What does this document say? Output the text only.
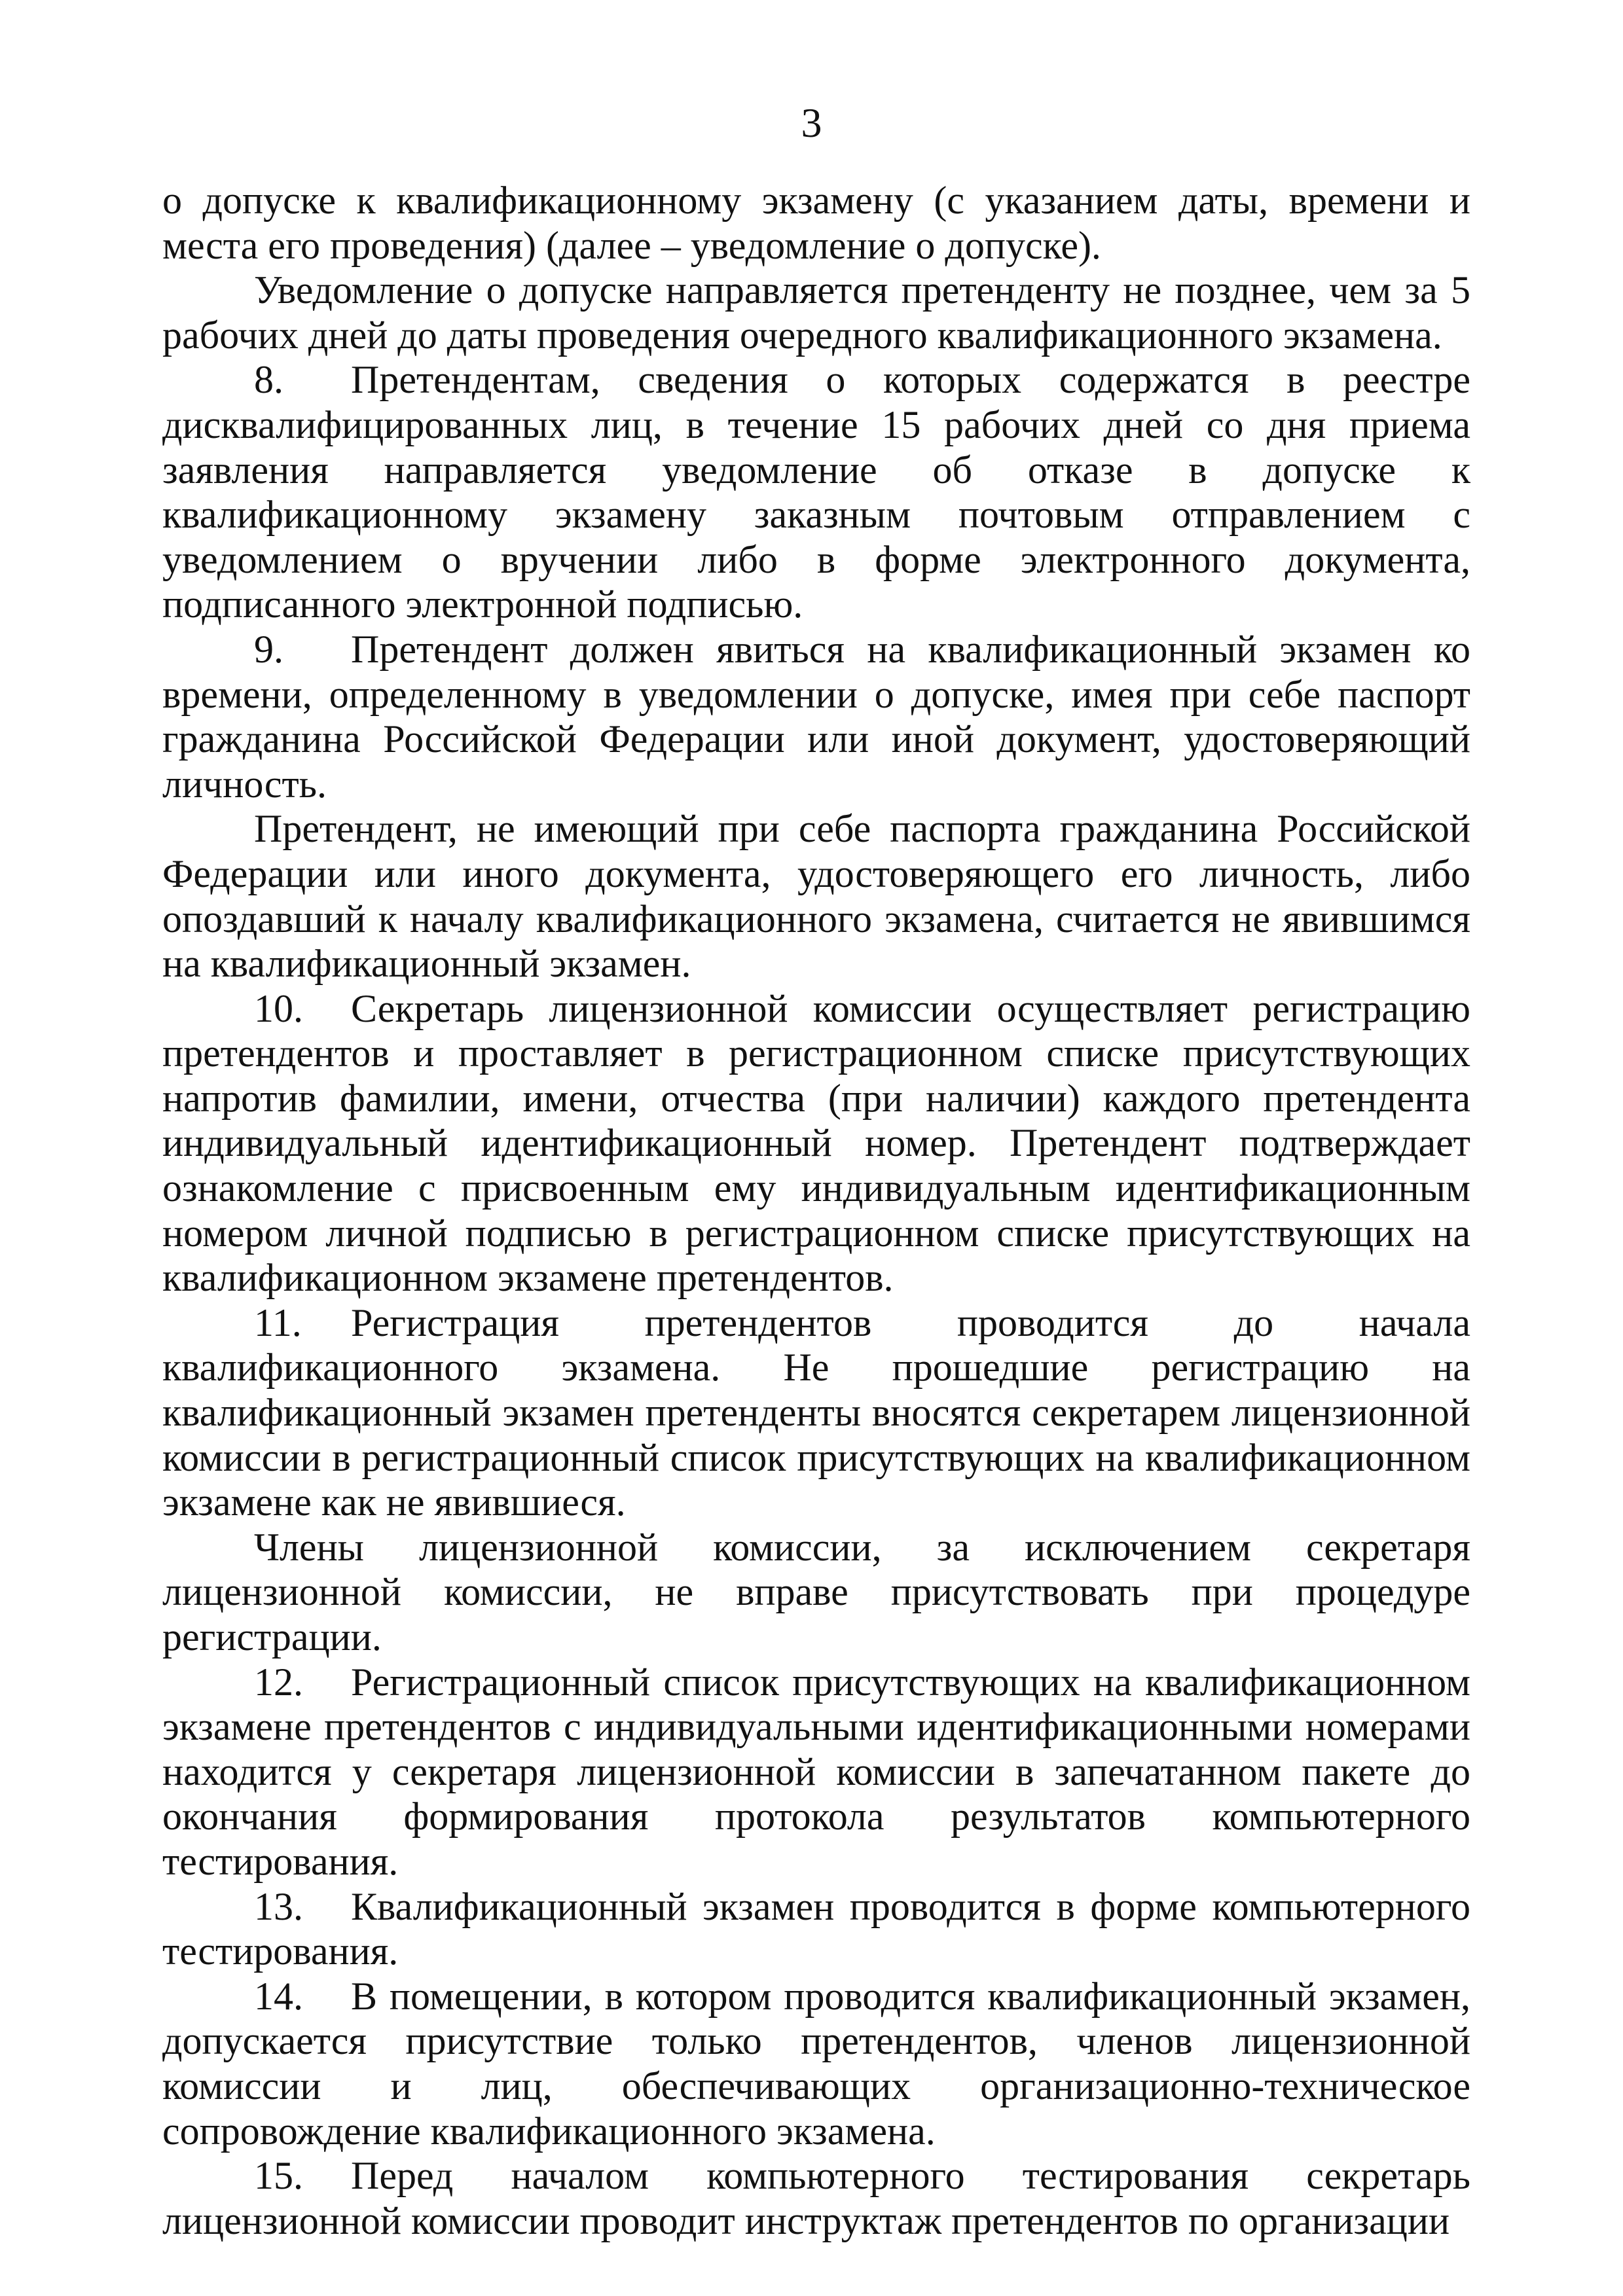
3

о допуске к квалификационному экзамену (с указанием даты, времени и места его проведения) (далее – уведомление о допуске).

Уведомление о допуске направляется претенденту не позднее, чем за 5 рабочих дней до даты проведения очередного квалификационного экзамена.

8. Претендентам, сведения о которых содержатся в реестре дисквалифицированных лиц, в течение 15 рабочих дней со дня приема заявления направляется уведомление об отказе в допуске к квалификационному экзамену заказным почтовым отправлением с уведомлением о вручении либо в форме электронного документа, подписанного электронной подписью.

9. Претендент должен явиться на квалификационный экзамен ко времени, определенному в уведомлении о допуске, имея при себе паспорт гражданина Российской Федерации или иной документ, удостоверяющий личность.

Претендент, не имеющий при себе паспорта гражданина Российской Федерации или иного документа, удостоверяющего его личность, либо опоздавший к началу квалификационного экзамена, считается не явившимся на квалификационный экзамен.

10. Секретарь лицензионной комиссии осуществляет регистрацию претендентов и проставляет в регистрационном списке присутствующих напротив фамилии, имени, отчества (при наличии) каждого претендента индивидуальный идентификационный номер. Претендент подтверждает ознакомление с присвоенным ему индивидуальным идентификационным номером личной подписью в регистрационном списке присутствующих на квалификационном экзамене претендентов.

11. Регистрация претендентов проводится до начала квалификационного экзамена. Не прошедшие регистрацию на квалификационный экзамен претенденты вносятся секретарем лицензионной комиссии в регистрационный список присутствующих на квалификационном экзамене как не явившиеся.

Члены лицензионной комиссии, за исключением секретаря лицензионной комиссии, не вправе присутствовать при процедуре регистрации.

12. Регистрационный список присутствующих на квалификационном экзамене претендентов с индивидуальными идентификационными номерами находится у секретаря лицензионной комиссии в запечатанном пакете до окончания формирования протокола результатов компьютерного тестирования.

13. Квалификационный экзамен проводится в форме компьютерного тестирования.

14. В помещении, в котором проводится квалификационный экзамен, допускается присутствие только претендентов, членов лицензионной комиссии и лиц, обеспечивающих организационно-техническое сопровождение квалификационного экзамена.

15. Перед началом компьютерного тестирования секретарь лицензионной комиссии проводит инструктаж претендентов по организации
